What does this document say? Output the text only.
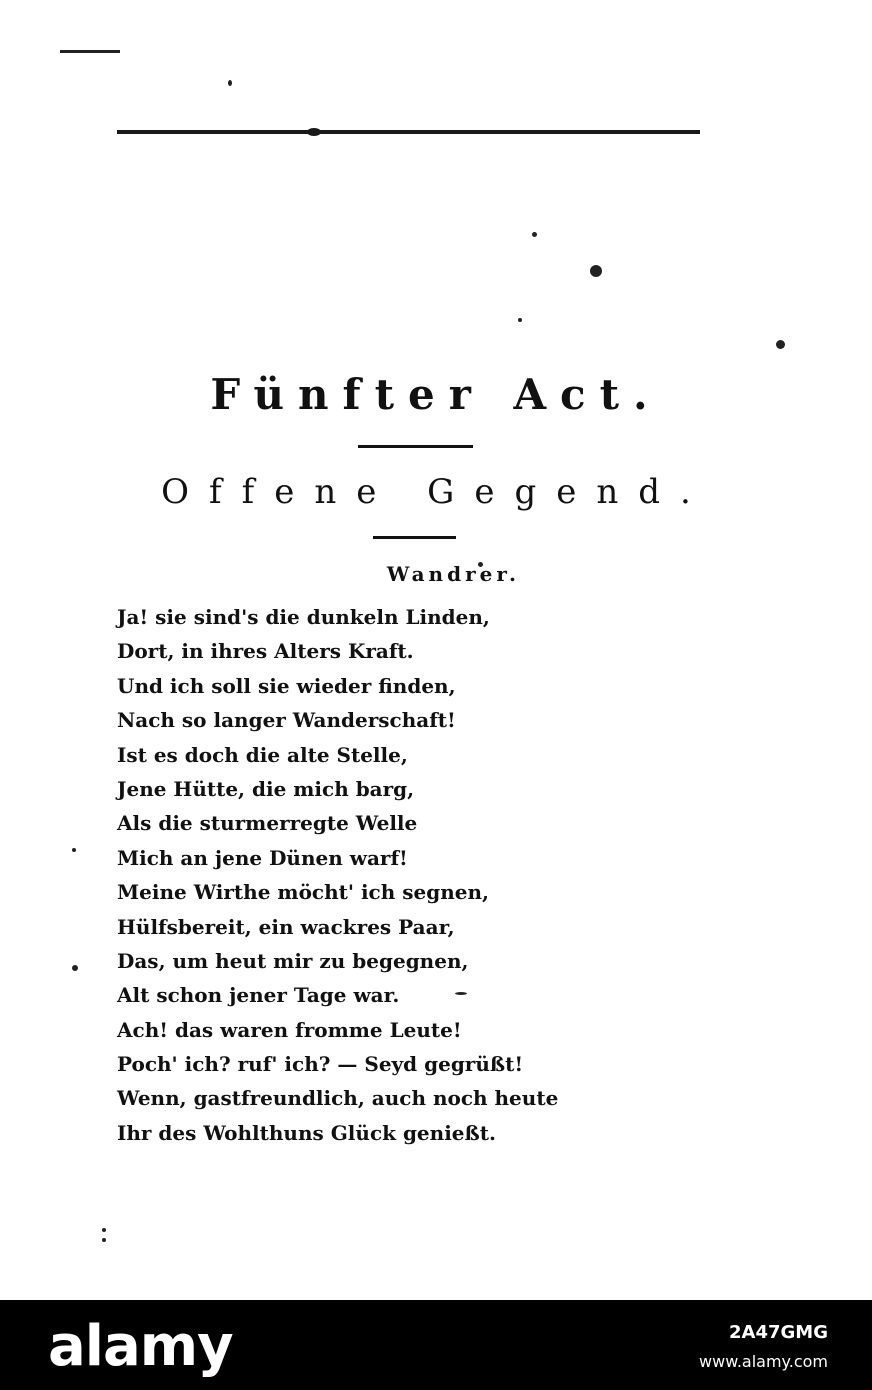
Fünfter Act.
Offene Gegend.
Wandrer.
Ja! sie sind's die dunkeln Linden,
Dort, in ihres Alters Kraft.
Und ich soll sie wieder finden,
Nach so langer Wanderschaft!
Ist es doch die alte Stelle,
Jene Hütte, die mich barg,
Als die sturmerregte Welle
Mich an jene Dünen warf!
Meine Wirthe möcht' ich segnen,
Hülfsbereit, ein wackres Paar,
Das, um heut mir zu begegnen,
Alt schon jener Tage war.
Ach! das waren fromme Leute!
Poch' ich? ruf' ich? — Seyd gegrüßt!
Wenn, gastfreundlich, auch noch heute
Ihr des Wohlthuns Glück genießt.
alamy	2A47GMG
www.alamy.com
